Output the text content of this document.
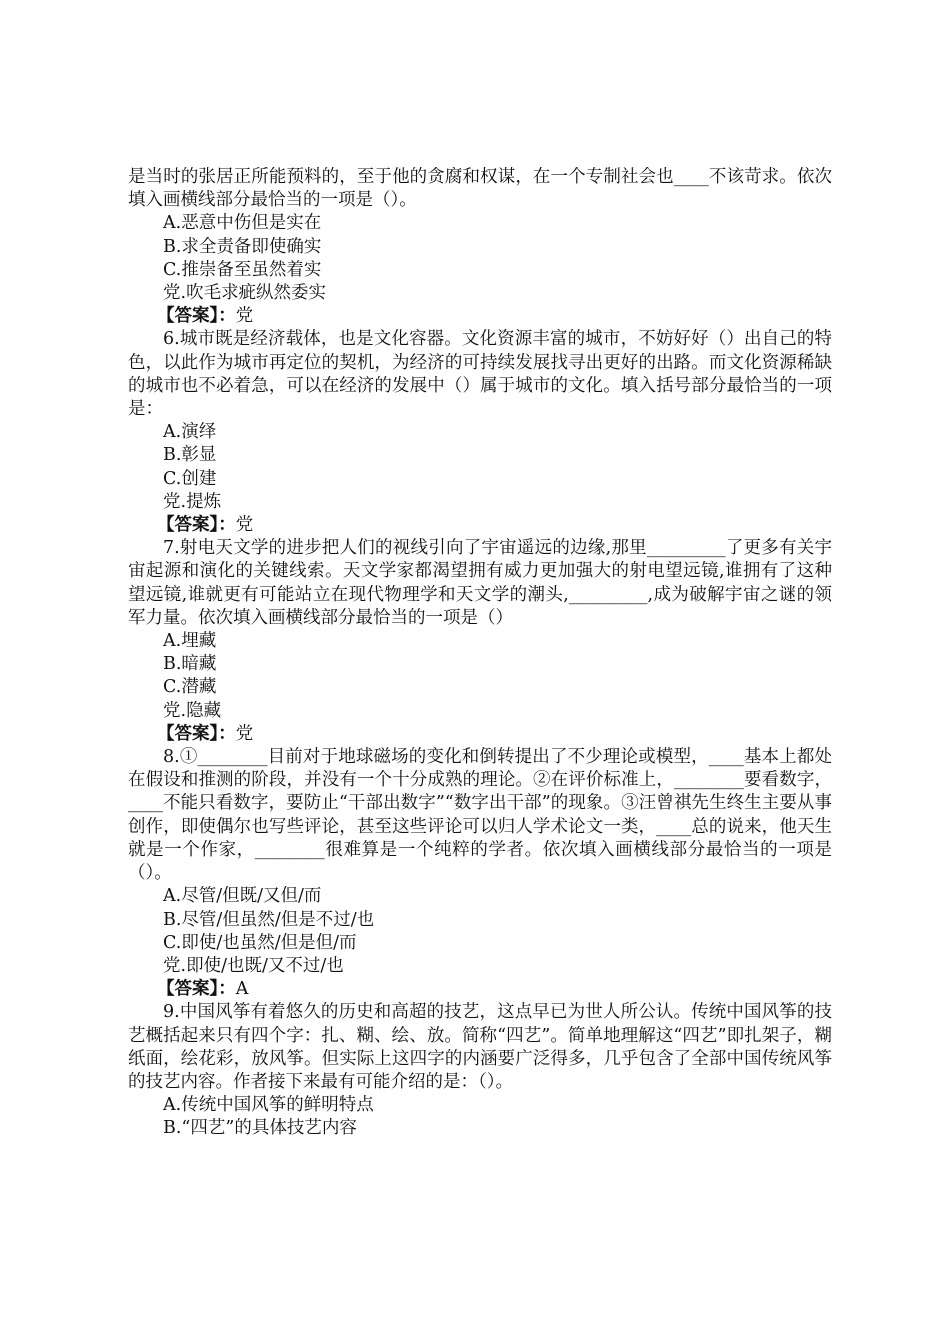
是当时的张居正所能预料的，至于他的贪腐和权谋，在一个专制社会也____不该苛求。依次填入画横线部分最恰当的一项是（）。

A.恶意中伤但是实在

B.求全责备即使确实

C.推崇备至虽然着实

党.吹毛求疵纵然委实

【答案】：党

6.城市既是经济载体，也是文化容器。文化资源丰富的城市，不妨好好（）出自己的特色，以此作为城市再定位的契机，为经济的可持续发展找寻出更好的出路。而文化资源稀缺的城市也不必着急，可以在经济的发展中（）属于城市的文化。填入括号部分最恰当的一项是：

A.演绎

B.彰显

C.创建

党.提炼

【答案】：党

7.射电天文学的进步把人们的视线引向了宇宙遥远的边缘,那里_________了更多有关宇宙起源和演化的关键线索。天文学家都渴望拥有威力更加强大的射电望远镜,谁拥有了这种望远镜,谁就更有可能站立在现代物理学和天文学的潮头,_________,成为破解宇宙之谜的领军力量。依次填入画横线部分最恰当的一项是（）

A.埋藏

B.暗藏

C.潜藏

党.隐藏

【答案】：党

8.①________目前对于地球磁场的变化和倒转提出了不少理论或模型，____基本上都处在假设和推测的阶段，并没有一个十分成熟的理论。②在评价标准上，________要看数字，____不能只看数字，要防止“干部出数字”“数字出干部”的现象。③汪曾祺先生终生主要从事创作，即使偶尔也写些评论，甚至这些评论可以归人学术论文一类，____总的说来，他天生就是一个作家，________很难算是一个纯粹的学者。依次填入画横线部分最恰当的一项是（）。

A.尽管/但既/又但/而

B.尽管/但虽然/但是不过/也

C.即使/也虽然/但是但/而

党.即使/也既/又不过/也

【答案】：A

9.中国风筝有着悠久的历史和高超的技艺，这点早已为世人所公认。传统中国风筝的技艺概括起来只有四个字：扎、糊、绘、放。简称“四艺”。简单地理解这“四艺”即扎架子，糊纸面，绘花彩，放风筝。但实际上这四字的内涵要广泛得多，几乎包含了全部中国传统风筝的技艺内容。作者接下来最有可能介绍的是：（）。

A.传统中国风筝的鲜明特点

B.“四艺”的具体技艺内容
